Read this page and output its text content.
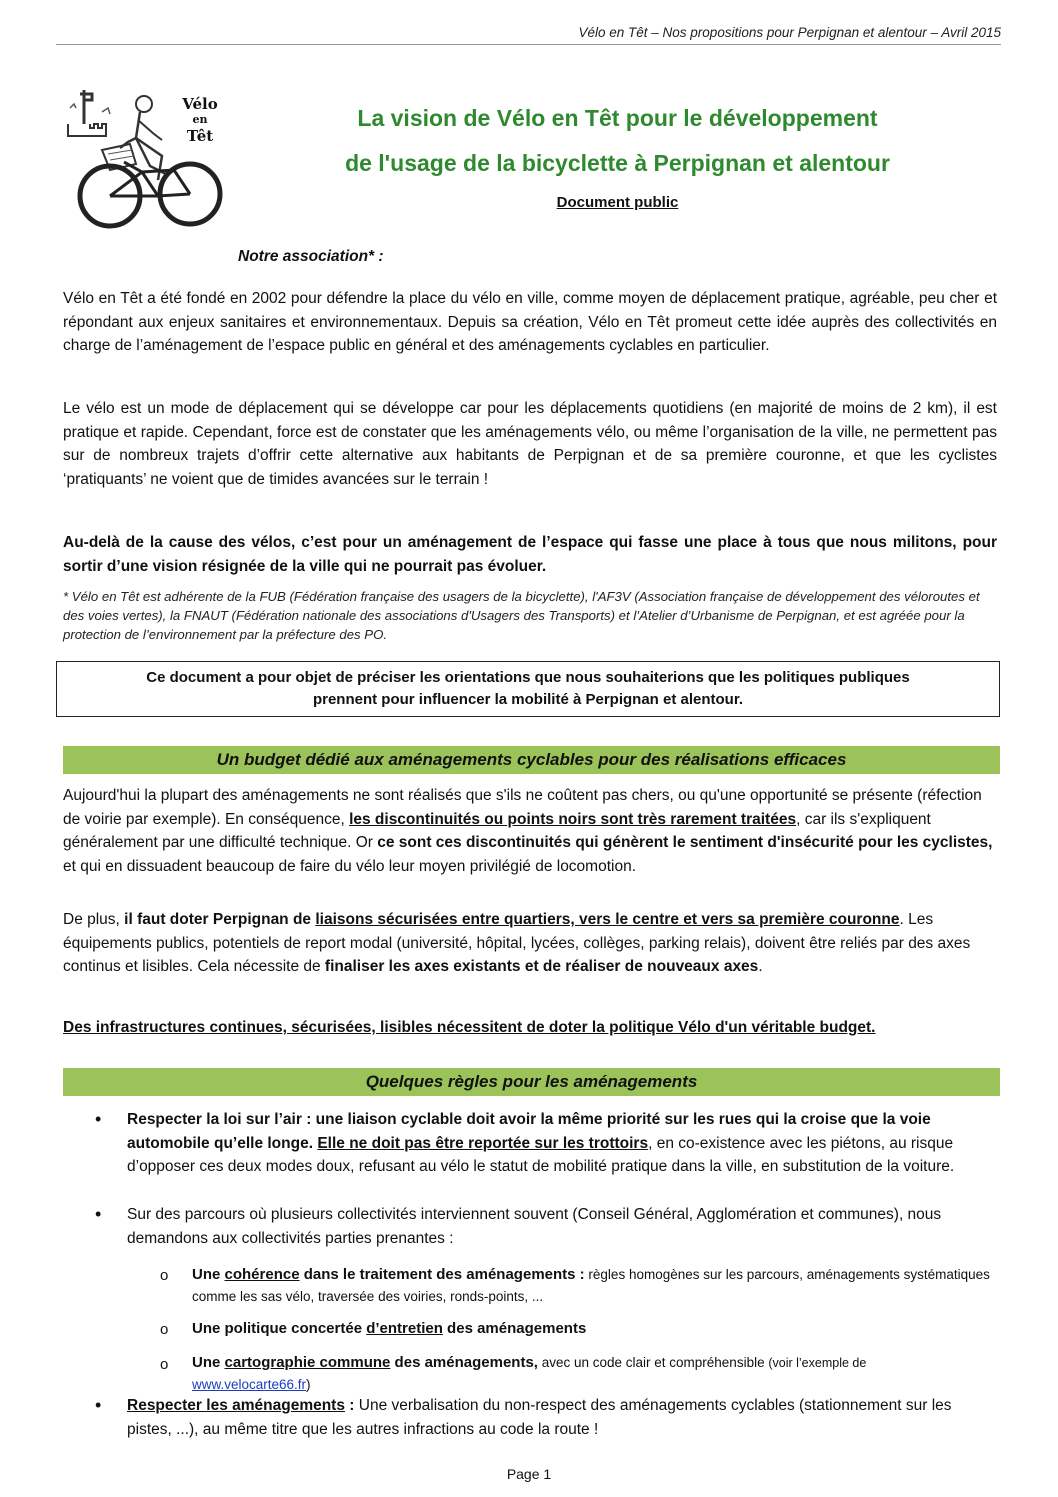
Vélo en Têt – Nos propositions pour Perpignan et alentour – Avril 2015
Vélo
en
Têt
La vision de Vélo en Têt pour le développement
de l'usage de la bicyclette à Perpignan et alentour
Document public
Notre association* :
Vélo en Têt a été fondé en 2002 pour défendre la place du vélo en ville, comme moyen de déplacement pratique, agréable, peu cher et répondant aux enjeux sanitaires et environnementaux. Depuis sa création, Vélo en Têt promeut cette idée auprès des collectivités en charge de l’aménagement de l’espace public en général et des aménagements cyclables en particulier.
Le vélo est un mode de déplacement qui se développe car pour les déplacements quotidiens (en majorité de moins de 2 km), il est pratique et rapide. Cependant, force est de constater que les aménagements vélo, ou même l’organisation de la ville, ne permettent pas sur de nombreux trajets d’offrir cette alternative aux habitants de Perpignan et de sa première couronne, et que les cyclistes ‘pratiquants’ ne voient que de timides avancées sur le terrain !
Au-delà de la cause des vélos, c’est pour un aménagement de l’espace qui fasse une place à tous que nous militons, pour sortir d’une vision résignée de la ville qui ne pourrait pas évoluer.
* Vélo en Têt est adhérente de la FUB (Fédération française des usagers de la bicyclette), l'AF3V (Association française de développement des véloroutes et des voies vertes), la FNAUT (Fédération nationale des associations d'Usagers des Transports) et l’Atelier d’Urbanisme de Perpignan, et est agréée pour la protection de l’environnement par la préfecture des PO.
Ce document a pour objet de préciser les orientations que nous souhaiterions que les politiques publiques
prennent pour influencer la mobilité à Perpignan et alentour.
Un budget dédié aux aménagements cyclables pour des réalisations efficaces
Aujourd'hui la plupart des aménagements ne sont réalisés que s'ils ne coûtent pas chers, ou qu'une opportunité se présente (réfection de voirie par exemple). En conséquence, les discontinuités ou points noirs sont très rarement traitées, car ils s'expliquent généralement par une difficulté technique. Or ce sont ces discontinuités qui génèrent le sentiment d'insécurité pour les cyclistes, et qui en dissuadent beaucoup de faire du vélo leur moyen privilégié de locomotion.
De plus, il faut doter Perpignan de liaisons sécurisées entre quartiers, vers le centre et vers sa première couronne. Les équipements publics, potentiels de report modal (université, hôpital, lycées, collèges, parking relais), doivent être reliés par des axes continus et lisibles. Cela nécessite de finaliser les axes existants et de réaliser de nouveaux axes.
Des infrastructures continues, sécurisées, lisibles nécessitent de doter la politique Vélo d'un véritable budget.
Quelques règles pour les aménagements
• Respecter la loi sur l’air : une liaison cyclable doit avoir la même priorité sur les rues qui la croise que la voie automobile qu’elle longe. Elle ne doit pas être reportée sur les trottoirs, en co-existence avec les piétons, au risque d’opposer ces deux modes doux, refusant au vélo le statut de mobilité pratique dans la ville, en substitution de la voiture.
• Sur des parcours où plusieurs collectivités interviennent souvent (Conseil Général, Agglomération et communes), nous demandons aux collectivités parties prenantes :
o Une cohérence dans le traitement des aménagements : règles homogènes sur les parcours, aménagements systématiques comme les sas vélo, traversée des voiries, ronds-points, ...
o Une politique concertée d’entretien des aménagements
o Une cartographie commune des aménagements, avec un code clair et compréhensible (voir l’exemple de
www.velocarte66.fr)
• Respecter les aménagements : Une verbalisation du non-respect des aménagements cyclables (stationnement sur les pistes, ...), au même titre que les autres infractions au code la route !
Page 1
